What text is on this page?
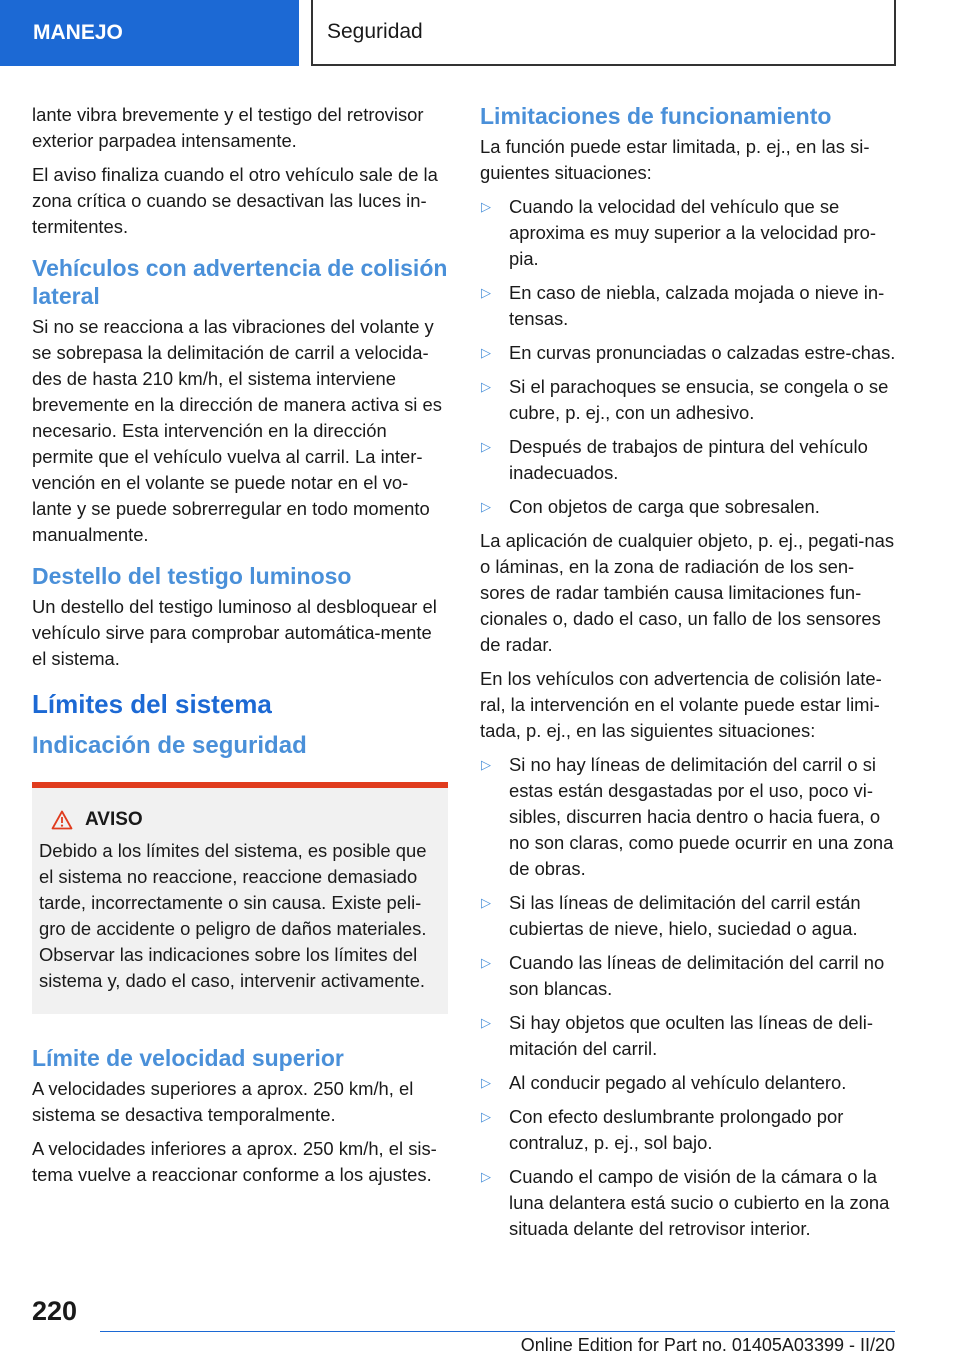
MANEJO	Seguridad

lante vibra brevemente y el testigo del retrovisor exterior parpadea intensamente.

El aviso finaliza cuando el otro vehículo sale de la zona crítica o cuando se desactivan las luces in-termitentes.

Vehículos con advertencia de colisión lateral

Si no se reacciona a las vibraciones del volante y se sobrepasa la delimitación de carril a velocida-des de hasta 210 km/h, el sistema interviene brevemente en la dirección de manera activa si es necesario. Esta intervención en la dirección permite que el vehículo vuelva al carril. La inter-vención en el volante se puede notar en el vo-lante y se puede sobrerregular en todo momento manualmente.

Destello del testigo luminoso

Un destello del testigo luminoso al desbloquear el vehículo sirve para comprobar automática-mente el sistema.

Límites del sistema
Indicación de seguridad
AVISO

Debido a los límites del sistema, es posible que el sistema no reaccione, reaccione demasiado tarde, incorrectamente o sin causa. Existe peli-gro de accidente o peligro de daños materiales. Observar las indicaciones sobre los límites del sistema y, dado el caso, intervenir activamente.

Límite de velocidad superior

A velocidades superiores a aprox. 250 km/h, el sistema se desactiva temporalmente.

A velocidades inferiores a aprox. 250 km/h, el sis-tema vuelve a reaccionar conforme a los ajustes.

Limitaciones de funcionamiento

La función puede estar limitada, p. ej., en las si-guientes situaciones:

▷ Cuando la velocidad del vehículo que se aproxima es muy superior a la velocidad pro-pia.
▷ En caso de niebla, calzada mojada o nieve in-tensas.
▷ En curvas pronunciadas o calzadas estre-chas.
▷ Si el parachoques se ensucia, se congela o se cubre, p. ej., con un adhesivo.
▷ Después de trabajos de pintura del vehículo inadecuados.
▷ Con objetos de carga que sobresalen.

La aplicación de cualquier objeto, p. ej., pegati-nas o láminas, en la zona de radiación de los sen-sores de radar también causa limitaciones fun-cionales o, dado el caso, un fallo de los sensores de radar.

En los vehículos con advertencia de colisión late-ral, la intervención en el volante puede estar limi-tada, p. ej., en las siguientes situaciones:

▷ Si no hay líneas de delimitación del carril o si estas están desgastadas por el uso, poco vi-sibles, discurren hacia dentro o hacia fuera, o no son claras, como puede ocurrir en una zona de obras.
▷ Si las líneas de delimitación del carril están cubiertas de nieve, hielo, suciedad o agua.
▷ Cuando las líneas de delimitación del carril no son blancas.
▷ Si hay objetos que oculten las líneas de deli-mitación del carril.
▷ Al conducir pegado al vehículo delantero.
▷ Con efecto deslumbrante prolongado por contraluz, p. ej., sol bajo.
▷ Cuando el campo de visión de la cámara o la luna delantera está sucio o cubierto en la zona situada delante del retrovisor interior.
220
Online Edition for Part no. 01405A03399 - II/20
